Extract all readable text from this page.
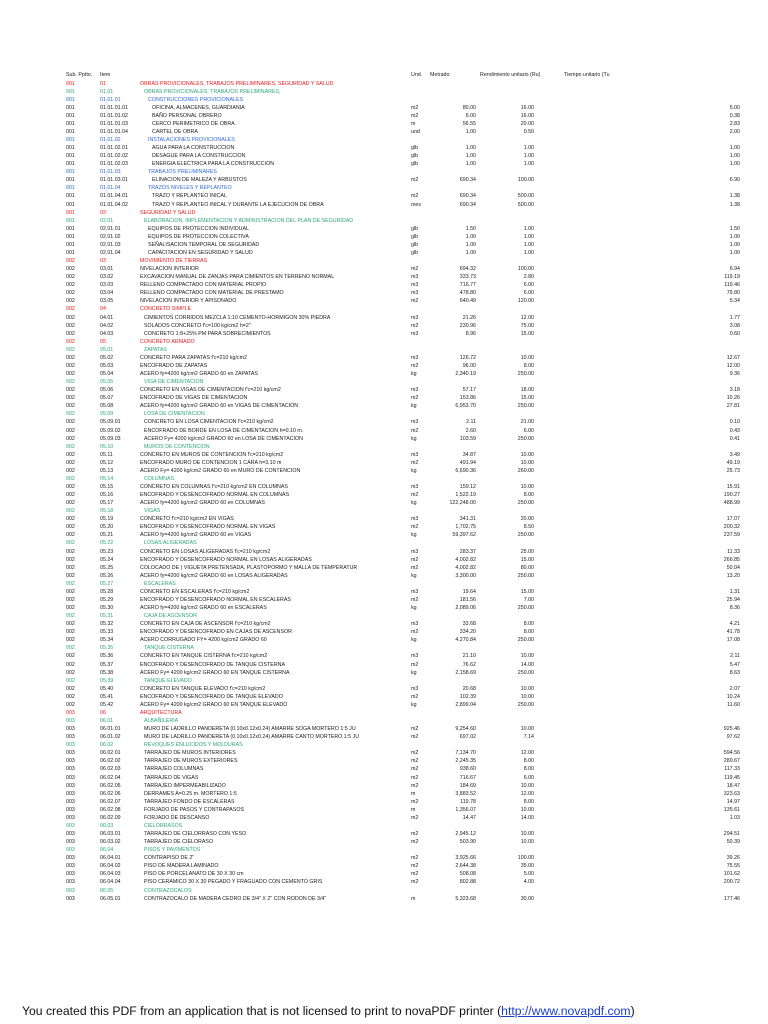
Sub. Pptto. Item	Und. Metrado	Rendimiento unitario (Ru)	Tiempo unitario (Tu
001	01	OBRAS PROVICIONALES, TRABAJOS PRELIMINARES, SEGURIDAD Y SALUD
001	01.01	OBRAS PROVICIONALES, TRABAJOS PRELIMINARES,
001	01.01.01	CONSTRUCCIONES PROVICIONALES
001	01.01.01.01	OFICINA, ALMACENES, GUARDIANIA	m2	80.00	16.00	5.00
001	01.01.01.02	BAÑO PERSONAL OBRERO	m2	6.00	16.00	0.38
001	01.01.01.03	CERCO PERIMETRICO DE OBRA	m	56.55	20.00	2.83
001	01.01.01.04	CARTEL DE OBRA	und	1.00	0.50	2.00
001	01.01.02	INSTALACIONES PROVICIONALES
001	01.01.02.01	AGUA PARA LA CONSTRUCCION	glb	1.00	1.00	1.00
001	01.01.02.02	DESAGUE PARA LA CONSTRUCCION	glb	1.00	1.00	1.00
001	01.01.02.03	ENERGIA ELECTRICA PARA LA CONSTRUCCION	glb	1.00	1.00	1.00
001	01.01.03	TRABAJOS PRELIMINARES
001	01.01.03.01	ELINACION DE MALEZA Y ARBUSTOS	m2	690.34	100.00	6.90
001	01.01.04	TRAZOS NIVELES Y REPLANTEO
001	01.01.04.01	TRAZO Y REPLANTEO INICAL	m2	690.34	500.00	1.38
001	01.01.04.02	TRAZO Y REPLANTEO INICAL Y DURANTE LA EJECUCION DE OBRA	mes	690.34	500.00	1.38
001	02	SEGURIDAD Y SALUD
001	02.01	ELABORACION, IMPLEMENTACION Y ADMINISTRACION DEL PLAN DE SEGURIDAD
001	02.01.01	EQUIPOS DE PROTECCION INDIVIDUAL	glb	1.50	1.00	1.50
001	02.01.02	EQUIPOS DE PROTECCION COLECTIVA	glb	1.00	1.00	1.00
001	02.01.03	SEÑALISACION TEMPORAL DE SEGURIDAD	glb	1.00	1.00	1.00
001	02.01.04	CAPACITACION EN SEGURIDAD Y SALUD	glb	1.00	1.00	1.00
002	03	MOVIMIENTO DE TIERRAS
002	03.01	NIVELACION INTERIOR	m2	694.32	100.00	6.94
002	03.02	EXCAVACION MANUAL DE ZANJAS PARA CIMIENTOS EN TERRENO NORMAL	m3	333.73	2.80	119.19
002	03.03	RELLENO COMPACTADO CON MATERIAL PROPIO	m3	716.77	6.00	119.46
002	03.04	RELLENO COMPACTADO CON MATERIAL DE PRESTAMO	m3	478.80	6.00	79.80
002	03.05	NIVELACION INTERIOR Y APISONADO	m2	640.49	120.00	5.34
002	04	CONCRETO SIMPLE
002	04.01	CIMIENTOS CORRIDOS MEZCLA 1:10 CEMENTO-HORMIGON 30% PIEDRA	m3	21.26	12.00	1.77
002	04.02	SOLADOS CONCRETO f'c=100 kg/cm2 h=2"	m2	230.96	75.00	3.08
002	04.03	CONCRETO 1:8+25% PM PARA SOBRECIMIENTOS	m3	8.96	15.00	0.60
002	05	CONCRETO ARMADO
002	05.01	ZAPATAS
002	05.02	CONCRETO PARA ZAPATAS f'c=210 kg/cm2	m3	126.72	10.00	12.67
002	05.03	ENCOFRADO DE ZAPATAS	m2	96.00	8.00	12.00
002	05.04	ACERO fy=4200 kg/cm2 GRADO 60 en ZAPATAS	kg	2,340.19	250.00	9.36
002	05.05	VIGA DE CIMENTACION
002	05.06	CONCRETO EN VIGAS DE CIMENTACION f'c=210 kg/cm2	m3	57.17	18.00	3.18
002	05.07	ENCOFRADO DE VIGAS DE CIMENTACION	m2	153.86	15.00	10.26
002	05.08	ACERO fy=4200 kg/cm2 GRADO 60 en VIGAS DE CIMENTACION	kg	6,953.70	250.00	27.81
002	05.09	LOSA DE CIMENTACION
002	05.09.01	CONCRETO EN LOSA CIMENTACION f'c=210 kg/cm2	m3	2.11	21.00	0.10
002	05.09.02	ENCOFRADO DE BORDE EN LOSA DE CIMENTACION h=0.10 m.	m2	2.60	6.00	0.43
002	05.09.03	ACERO Fy= 4200 kg/cm2 GRADO 60 en LOSA DE CIMENTACION	kg	103.59	250.00	0.41
002	05.10	MUROS DE CONTENCION
002	05.11	CONCRETO EN MUROS DE CONTENCION f'c=210 kg/cm2	m3	34.87	10.00	3.49
002	05.12	ENCOFRADO MURO DE CONTENCION 1 CARA h=3.10 m	m2	491.94	10.00	49.19
002	05.13	ACERO Fy= 4200 kg/cm2 GRADO 60 en MURO DE CONTENCION	kg	6,690.36	260.00	25.73
002	05.14	COLUMNAS
002	05.15	CONCRETO EN COLUMNAS f'c=210 kg/cm2 EN COLUMNAS	m3	159.12	10.00	15.91
002	05.16	ENCOFRADO Y DESENCOFRADO NORMAL EN COLUMNAS	m2	1,522.19	8.00	190.27
002	05.17	ACERO fy=4200 kg/cm2 GRADO 60 en COLUMNAS	kg	122,248.00	250.00	488.99
002	05.18	VIGAS
002	05.19	CONCRETO f'c=210 kg/cm2 EN VIGAS	m3	341.31	20.00	17.07
002	05.20	ENCOFRADO Y DESENCOFRADO NORMAL EN VIGAS	m2	1,702.75	8.50	200.32
002	05.21	ACERO fy=4200 kg/cm2 GRADO 60 en VIGAS	kg	59,397.62	250.00	237.59
002	05.22	LOSAS ALIGERADAS
002	05.23	CONCRETO EN LOSAS ALIGERADAS f'c=210 kg/cm2	m3	283.37	25.00	11.33
002	05.24	ENCOFRADO Y DESENCOFRADO NORMAL EN LOSAS ALIGERADAS	m2	4,002.82	15.00	266.85
002	05.25	COLOCADO DE ( VIGUETA PRETENSADA, PLASTOPORMO Y MALLA DE TEMPERATUR	m2	4,002.82	80.00	50.04
002	05.26	ACERO fy=4200 kg/cm2 GRADO 60 en LOSAS ALIGERADAS	kg	3,300.00	250.00	13.20
002	05.27	ESCALERAS
002	05.28	CONCRETO EN ESCALERAS f'c=210 kg/cm2	m3	19.64	15.00	1.31
002	05.29	ENCOFRADO Y DESENCOFRADO NORMAL EN ESCALERAS	m2	181.56	7.00	25.94
002	05.30	ACERO fy=4200 kg/cm2 GRADO 60 en ESCALERAS	kg	2,089.06	250.00	8.36
002	05.31	CAJA DE ASCENSOR
002	05.32	CONCRETO EN CAJA DE ASCENSOR f'c=210 kg/cm2	m3	33.68	8.00	4.21
002	05.33	ENCOFRADO Y DESENCOFRADO EN CAJAS DE ASCENSOR	m2	334.20	8.00	41.78
002	05.34	ACERO CORRUGADO FY= 4200 kg/cm2 GRADO 60	kg	4,270.84	250.00	17.08
002	05.35	TANQUE CISTERNA
002	05.36	CONCRETO EN TANQUE CISTERNA f'c=210 kg/cm2	m3	21.10	10.00	2.11
002	05.37	ENCOFRADO Y DESENCOFRADO DE TANQUE CISTERNA	m2	76.62	14.00	5.47
002	05.38	ACERO Fy= 4200 kg/cm2 GRADO 60 EN TANQUE CISTERNA	kg	2,158.69	250.00	8.63
002	05.39	TANQUE ELEVADO
002	05.40	CONCRETO EN TANQUE ELEVADO f'c=210 kg/cm2	m3	20.68	10.00	2.07
002	05.41	ENCOFRADO Y DESENCOFRADO DE TANQUE ELEVADO	m2	102.39	10.00	10.24
002	05.42	ACERO Fy= 4200 kg/cm2 GRADO 60 EN TANQUE ELEVADO	kg	2,899.04	250.00	11.60
003	06	ARQUITECTURA
003	06.01	ALBAÑILERIA
003	06.01.01	MURO DE LADRILLO PANDERETA (0.10x0.12x0.24) AMARRE SOGA MORTERO 1:5 JU	m2	9,254.60	10.00	925.46
003	06.01.02	MURO DE LADRILLO PANDERETA (0.10x0.12x0.24) AMARRE CANTO MORTERO 1:5 JU	m2	697.02	7.14	97.62
003	06.02	REVOQUES ENLUCIDOS Y MOLDURAS
003	06.02.01	TARRAJEO DE MUROS INTERIORES	m2	7,134.70	12.00	594.56
003	06.02.02	TARRAJEO DE MUROS EXTERIORES	m2	2,245.35	8.00	280.67
003	06.02.03	TARRAJEO COLUMNAS	m2	938.60	8.00	117.33
003	06.02.04	TARRAJEO DE VIGAS	m2	716.67	6.00	119.45
003	06.02.05	TARRAJEO IMPERMEABILIZADO	m2	184.69	10.00	18.47
003	06.02.06	DERRAMES A=0.25 m. MORTERO 1:5	m	3,883.52	12.00	323.63
003	06.02.07	TARRAJEO FONDO DE ESCALERAS	m2	119.78	8.00	14.97
003	06.02.08	FORJADO DE PASOS Y CONTRAPASOS	m	1,356.07	10.00	135.61
003	06.02.09	FORJADO DE DESCANSO	m2	14.47	14.00	1.03
003	06.03	CIELORRASOS
003	06.03.01	TARRAJEO DE CIELORRASO CON YESO	m2	2,945.12	10.00	294.51
003	06.03.02	TARRAJEO DE CIELORASO	m2	503.90	10.00	50.39
003	06.04	PISOS Y PAVIMENTOS
003	06.04.01	CONTRAPISO DE 2"	m2	3,925.66	100.00	39.26
003	06.04.02	PISO DE MADERA LAMINADO	m2	2,644.38	35.00	75.55
003	06.04.03	PISO DE PORCELANATO DE 30 X 30 cm	m2	508.08	5.00	101.62
003	06.04.04	PISO CERAMICO 30 X 30 PEGADO Y FRAGUADO CON CEMENTO GRIS	m2	802.88	4.00	200.72
003	06.05	CONTRAZOCALOS
003	06.05.01	CONTRAZOCALO DE MADERA CEDRO DE 3/4" X 2" CON RODON DE 3/4"	m	5,323.68	30.00	177.46
You created this PDF from an application that is not licensed to print to novaPDF printer (http://www.novapdf.com)
